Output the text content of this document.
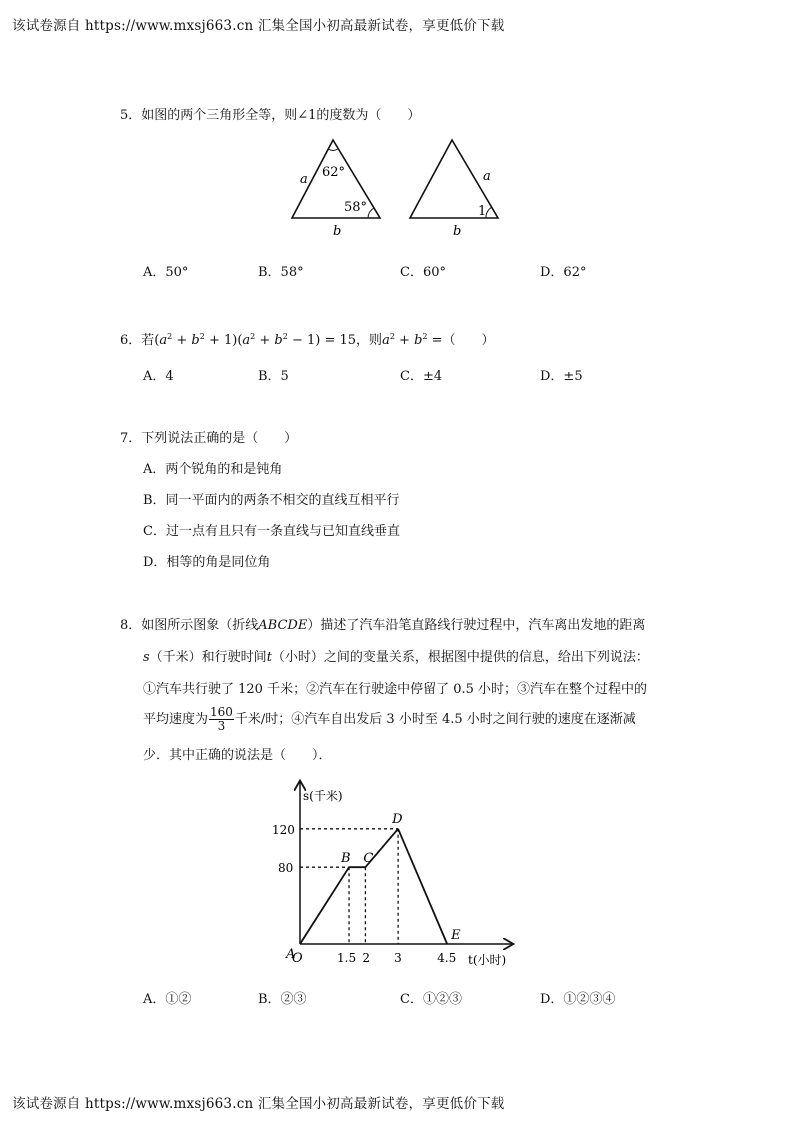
该试卷源自 https://www.mxsj663.cn 汇集全国小初高最新试卷，享更低价下载
该试卷源自 https://www.mxsj663.cn 汇集全国小初高最新试卷，享更低价下载
5．如图的两个三角形全等，则∠1的度数为（　　）
62°
58°
a
b
1
a
b
A．50°	B．58°	C．60°	D．62°
6．若$(a^2 + b^2 + 1)(a^2 + b^2 - 1) = 15$，则$a^2 + b^2$ =（　　）
A．4	B．5	C．±4	D．±5
7．下列说法正确的是（　　）
A．两个锐角的和是钝角
B．同一平面内的两条不相交的直线互相平行
C．过一点有且只有一条直线与已知直线垂直
D．相等的角是同位角
8．如图所示图象（折线ABCDE）描述了汽车沿笔直路线行驶过程中，汽车离出发地的距离
s（千米）和行驶时间t（小时）之间的变量关系，根据图中提供的信息，给出下列说法：
①汽车共行驶了 120 千米；②汽车在行驶途中停留了 0.5 小时；③汽车在整个过程中的
平均速度为 $\frac{160}{3}$ 千米/时；④汽车自出发后 3 小时至 4.5 小时之间行驶的速度在逐渐减
少．其中正确的说法是（　　）．
s(千米)
t(小时)
O
120
80
1.5 2 3	4.5
A
B C
D
E
A．①②	B．②③	C．①②③	D．①②③④
